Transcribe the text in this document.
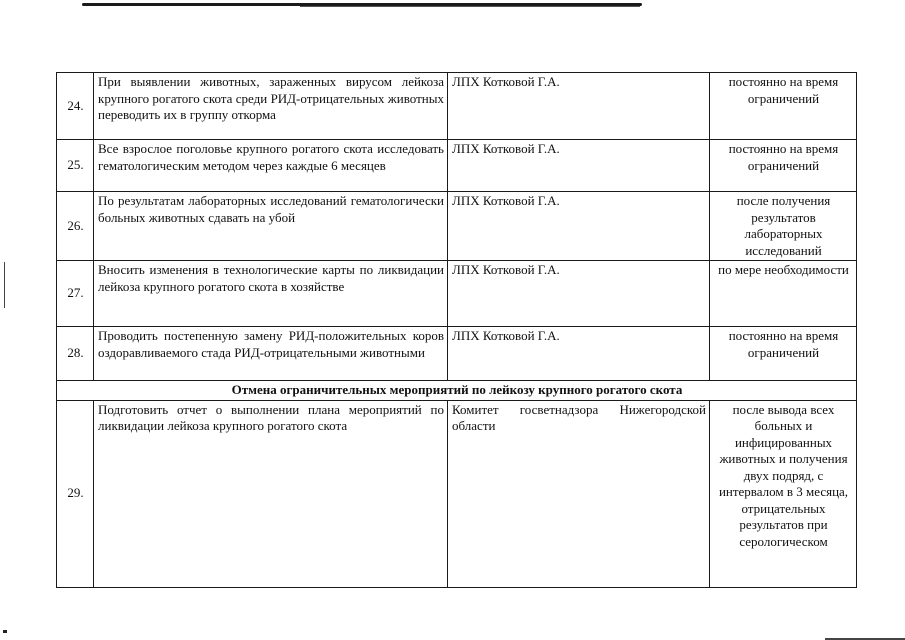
24.	При выявлении животных, зараженных вирусом лейкоза крупного рогатого скота среди РИД-отрицательных животных переводить их в группу откорма	ЛПХ Котковой Г.А.	постоянно на время ограничений
25.	Все взрослое поголовье крупного рогатого скота исследовать гематологическим методом через каждые 6 месяцев	ЛПХ Котковой Г.А.	постоянно на время ограничений
26.	По результатам лабораторных исследований гематологически больных животных сдавать на убой	ЛПХ Котковой Г.А.	после получения результатов лабораторных исследований
27.	Вносить изменения в технологические карты по ликвидации лейкоза крупного рогатого скота в хозяйстве	ЛПХ Котковой Г.А.	по мере необходимости
28.	Проводить постепенную замену РИД-положительных коров оздоравливаемого стада РИД-отрицательными животными	ЛПХ Котковой Г.А.	постоянно на время ограничений
Отмена ограничительных мероприятий по лейкозу крупного рогатого скота			
29.	Подготовить отчет о выполнении плана мероприятий по ликвидации лейкоза крупного рогатого скота	Комитет госветнадзора Нижегородской области	после вывода всех больных и инфицированных животных и получения двух подряд, с интервалом в 3 месяца, отрицательных результатов при серологическом
